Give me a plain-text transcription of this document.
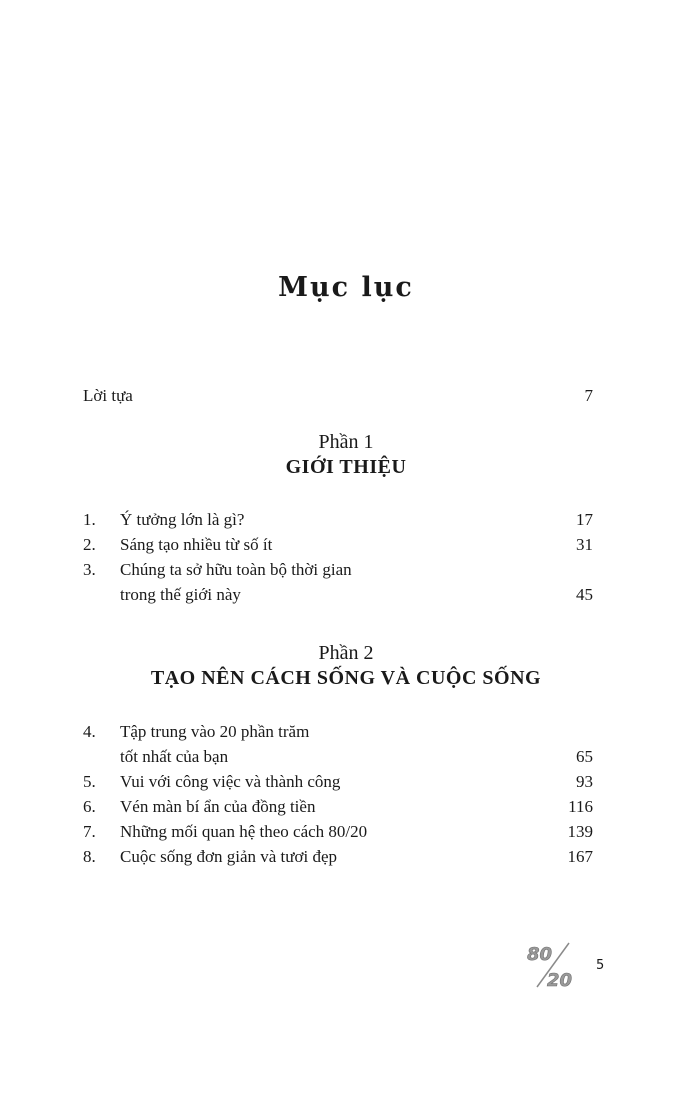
Mục lục
Lời tựa	7
Phần 1
GIỚI THIỆU
1. Ý tưởng lớn là gì?	17
2. Sáng tạo nhiều từ số ít	31
3. Chúng ta sở hữu toàn bộ thời gian
trong thế giới này	45
Phần 2
TẠO NÊN CÁCH SỐNG VÀ CUỘC SỐNG
4. Tập trung vào 20 phần trăm
tốt nhất của bạn	65
5. Vui với công việc và thành công	93
6. Vén màn bí ẩn của đồng tiền	116
7. Những mối quan hệ theo cách 80/20	139
8. Cuộc sống đơn giản và tươi đẹp	167
80
20
5
